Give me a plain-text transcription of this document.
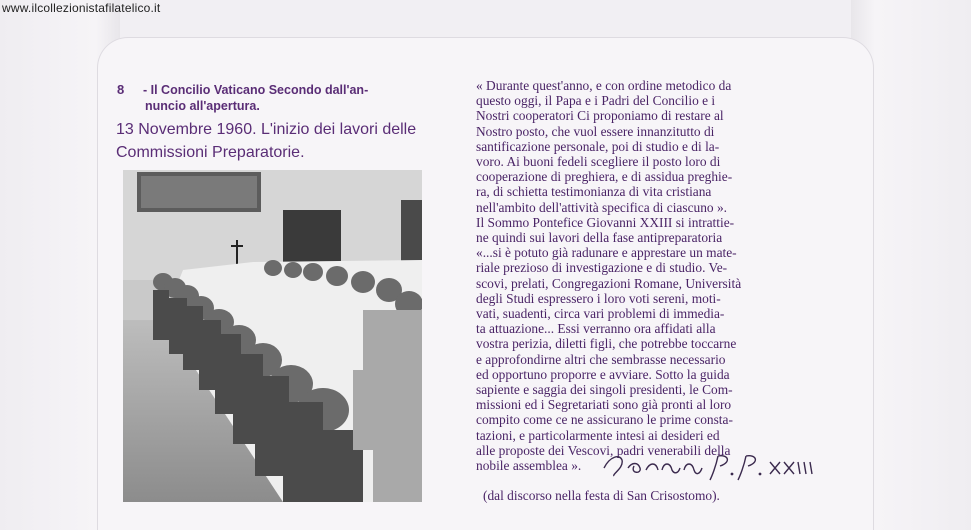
www.ilcollezionistafilatelico.it
8 - Il Concilio Vaticano Secondo dall'an-
nuncio all'apertura.
13 Novembre 1960. L'inizio dei lavori delle
Commissioni Preparatorie.

« Durante quest'anno, e con ordine metodico da

questo oggi, il Papa e i Padri del Concilio e i

Nostri cooperatori Ci proponiamo di restare al

Nostro posto, che vuol essere innanzitutto di

santificazione personale, poi di studio e di la-

voro. Ai buoni fedeli scegliere il posto loro di

cooperazione di preghiera, e di assidua preghie-

ra, di schietta testimonianza di vita cristiana

nell'ambito dell'attività specifica di ciascuno ».

Il Sommo Pontefice Giovanni XXIII si intrattie-

ne quindi sui lavori della fase antipreparatoria

«...si è potuto già radunare e apprestare un mate-

riale prezioso di investigazione e di studio. Ve-

scovi, prelati, Congregazioni Romane, Università

degli Studi espressero i loro voti sereni, moti-

vati, suadenti, circa vari problemi di immedia-

ta attuazione... Essi verranno ora affidati alla

vostra perizia, diletti figli, che potrebbe toccarne

e approfondirne altri che sembrasse necessario

ed opportuno proporre e avviare. Sotto la guida

sapiente e saggia dei singoli presidenti, le Com-

missioni ed i Segretariati sono già pronti al loro

compito come ce ne assicurano le prime consta-

tazioni, e particolarmente intesi ai desideri ed

alle proposte dei Vescovi, padri venerabili della

nobile assemblea ».

(dal discorso nella festa di San Crisostomo).
